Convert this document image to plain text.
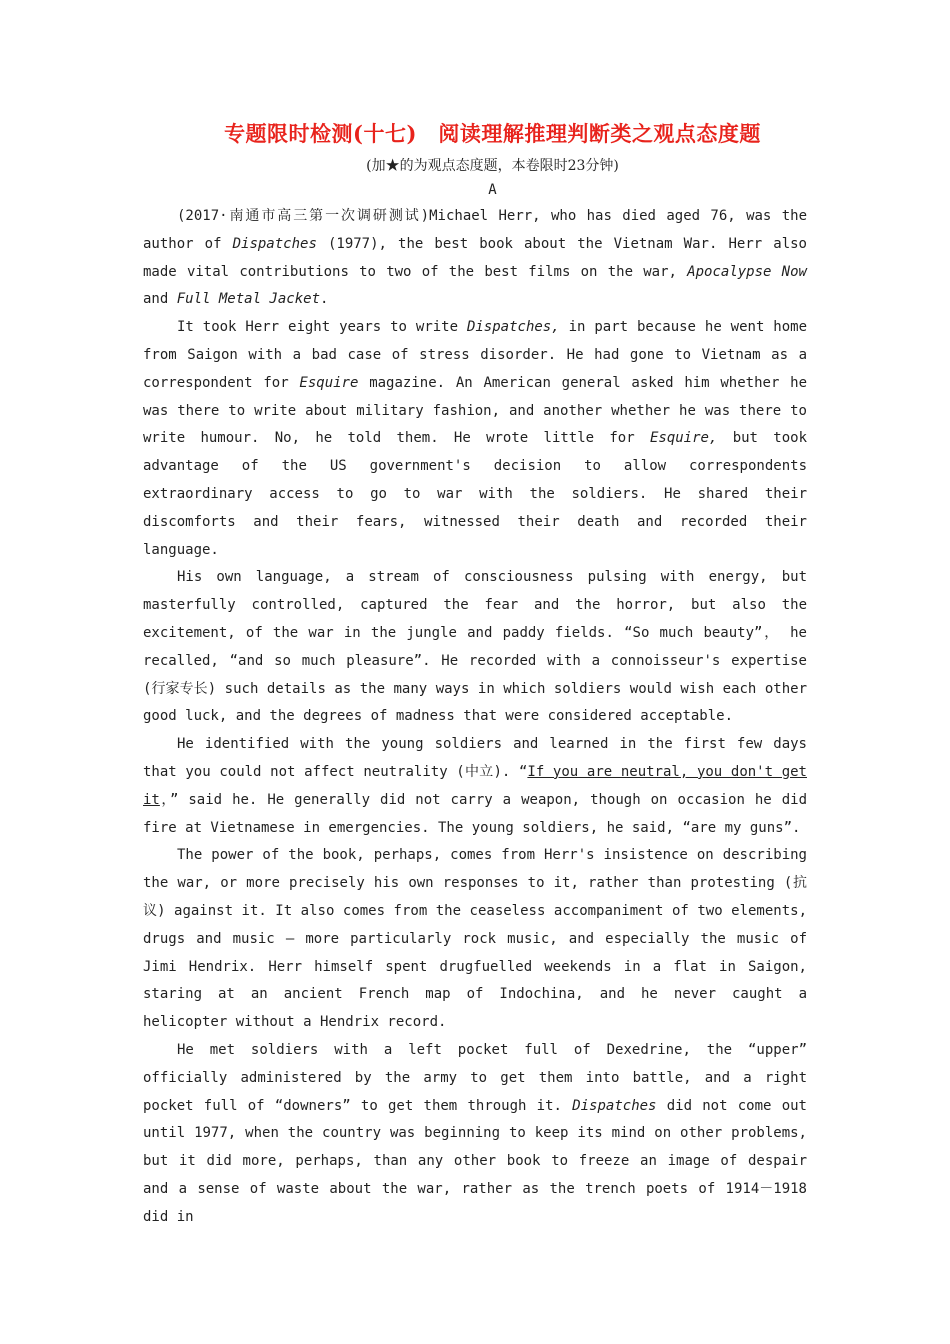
专题限时检测(十七)　阅读理解推理判断类之观点态度题
(加★的为观点态度题，本卷限时23分钟)
A

(2017·南通市高三第一次调研测试)Michael Herr, who has died aged 76, was the author of Dispatches (1977), the best book about the Vietnam War. Herr also made vital contributions to two of the best films on the war, Apocalypse Now and Full Metal Jacket.

It took Herr eight years to write Dispatches, in part because he went home from Saigon with a bad case of stress disorder. He had gone to Vietnam as a correspondent for Esquire magazine. An American general asked him whether he was there to write about military fashion, and another whether he was there to write humour. No, he told them. He wrote little for Esquire, but took advantage of the US government's decision to allow correspondents extraordinary access to go to war with the soldiers. He shared their discomforts and their fears, witnessed their death and recorded their language.

His own language, a stream of consciousness pulsing with energy, but masterfully controlled, captured the fear and the horror, but also the excitement, of the war in the jungle and paddy fields. “So much beauty”， he recalled, “and so much pleasure”. He recorded with a connoisseur's expertise (行家专长) such details as the many ways in which soldiers would wish each other good luck, and the degrees of madness that were considered acceptable.

He identified with the young soldiers and learned in the first few days that you could not affect neutrality (中立). “If you are neutral, you don't get it，” said he. He generally did not carry a weapon, though on occasion he did fire at Vietnamese in emergencies. The young soldiers, he said, “are my guns”.

The power of the book, perhaps, comes from Herr's insistence on describing the war, or more precisely his own responses to it, rather than protesting (抗议) against it. It also comes from the ceaseless accompaniment of two elements, drugs and music — more particularly rock music, and especially the music of Jimi Hendrix. Herr himself spent drugfuelled weekends in a flat in Saigon, staring at an ancient French map of Indochina, and he never caught a helicopter without a Hendrix record.

He met soldiers with a left pocket full of Dexedrine, the “upper” officially administered by the army to get them into battle, and a right pocket full of “downers” to get them through it. Dispatches did not come out until 1977, when the country was beginning to keep its mind on other problems, but it did more, perhaps, than any other book to freeze an image of despair and a sense of waste about the war, rather as the trench poets of 1914－1918 did in
